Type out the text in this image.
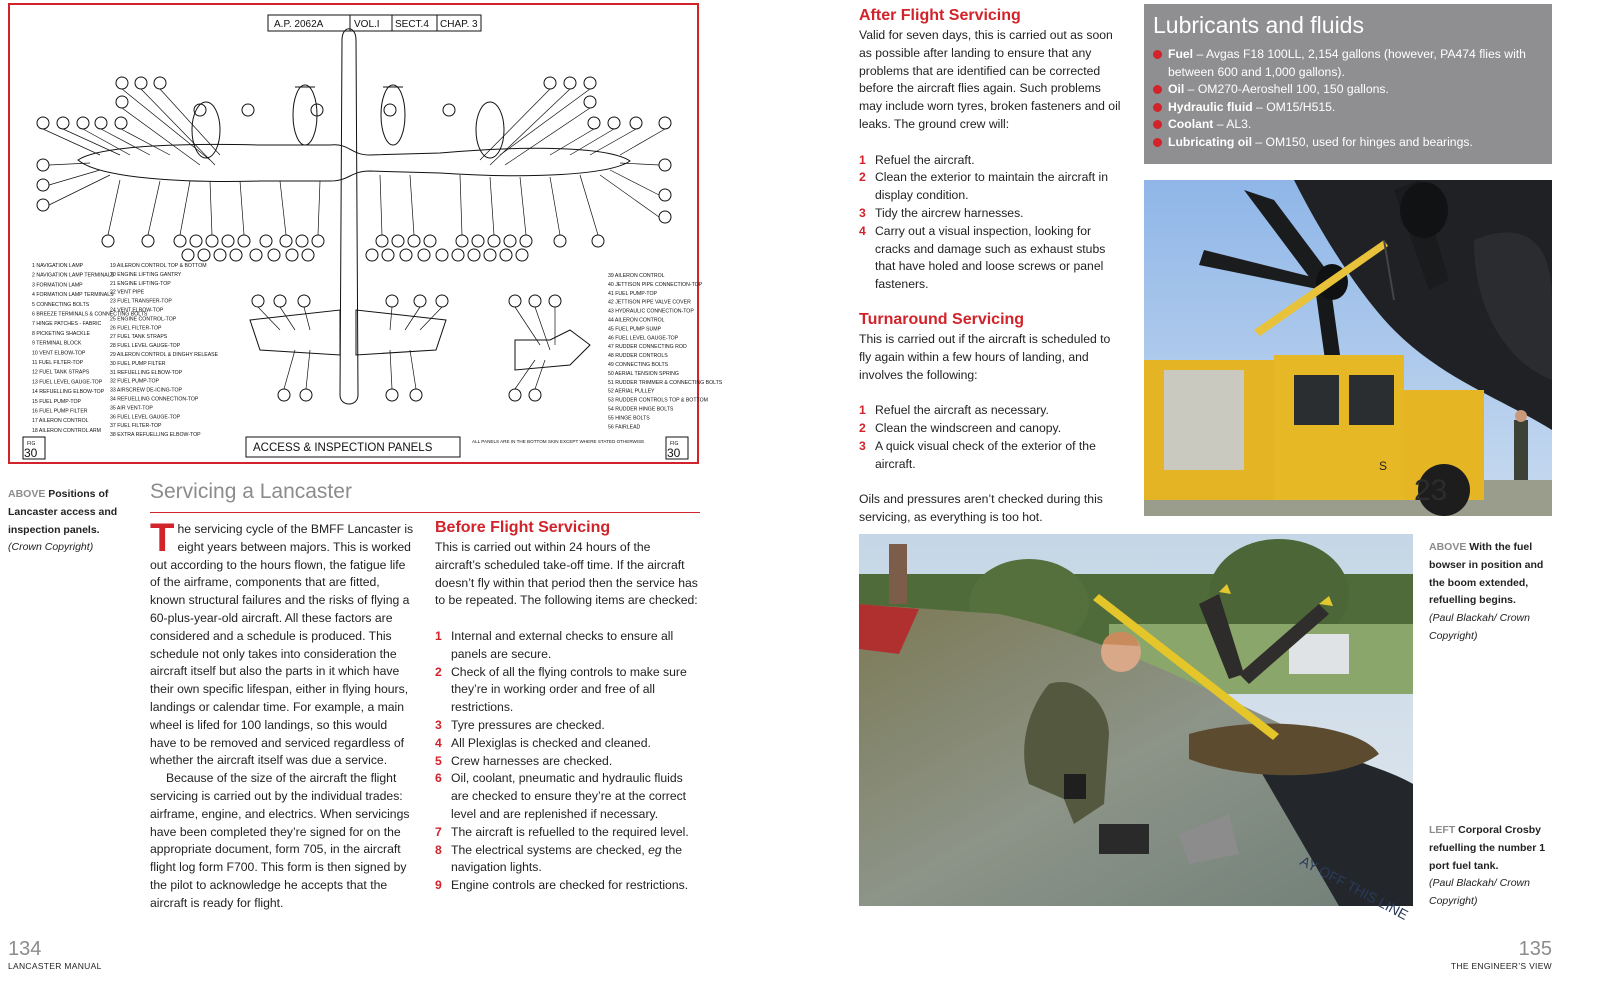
A.P. 2062A	VOL.I SECT.4 CHAP. 3
ACCESS & INSPECTION PANELS
FIG
30
FIG
30
ALL PANELS ARE IN THE BOTTOM SKIN EXCEPT WHERE STATED OTHERWISE
1 NAVIGATION LAMP
2 NAVIGATION LAMP TERMINALS
3 FORMATION LAMP
4 FORMATION LAMP TERMINALS
5 CONNECTING BOLTS
6 BREEZE TERMINALS & CONNECTING BOLTS
7 HINGE PATCHES - FABRIC
8 PICKETING SHACKLE
9 TERMINAL BLOCK
10 VENT ELBOW-TOP
11 FUEL FILTER-TOP
12 FUEL TANK STRAPS
13 FUEL LEVEL GAUGE-TOP
14 REFUELLING ELBOW-TOP
15 FUEL PUMP-TOP
16 FUEL PUMP FILTER
17 AILERON CONTROL
18 AILERON CONTROL ARM
19 AILERON CONTROL TOP & BOTTOM
20 ENGINE LIFTING GANTRY
21 ENGINE LIFTING-TOP
22 VENT PIPE
23 FUEL TRANSFER-TOP
24 VENT ELBOW-TOP
25 ENGINE CONTROL-TOP
26 FUEL FILTER-TOP
27 FUEL TANK STRAPS
28 FUEL LEVEL GAUGE-TOP
29 AILERON CONTROL & DINGHY RELEASE
30 FUEL PUMP FILTER
31 REFUELLING ELBOW-TOP
32 FUEL PUMP-TOP
33 AIRSCREW DE-ICING-TOP
34 REFUELLING CONNECTION-TOP
35 AIR VENT-TOP
36 FUEL LEVEL GAUGE-TOP
37 FUEL FILTER-TOP
38 EXTRA REFUELLING ELBOW-TOP
39 AILERON CONTROL
40 JETTISON PIPE CONNECTION-TOP
41 FUEL PUMP-TOP
42 JETTISON PIPE VALVE COVER
43 HYDRAULIC CONNECTION-TOP
44 AILERON CONTROL
45 FUEL PUMP SUMP
46 FUEL LEVEL GAUGE-TOP
47 RUDDER CONNECTING ROD
48 RUDDER CONTROLS
49 CONNECTING BOLTS
50 AERIAL TENSION SPRING
51 RUDDER TRIMMER & CONNECTING BOLTS
52 AERIAL PULLEY
53 RUDDER CONTROLS TOP & BOTTOM
54 RUDDER HINGE BOLTS
55 HINGE BOLTS
56 FAIRLEAD
ABOVE Positions of Lancaster access and inspection panels.
(Crown Copyright)
Servicing a Lancaster

The servicing cycle of the BMFF Lancaster is eight years between majors. This is worked out according to the hours flown, the fatigue life of the airframe, components that are fitted, known structural failures and the risks of flying a 60-plus-year-old aircraft. All these factors are considered and a schedule is produced. This schedule not only takes into consideration the aircraft itself but also the parts in it which have their own specific lifespan, either in flying hours, landings or calendar time. For example, a main wheel is lifed for 100 landings, so this would have to be removed and serviced regardless of whether the aircraft itself was due a service.

Because of the size of the aircraft the flight servicing is carried out by the individual trades: airframe, engine, and electrics. When servicings have been completed they’re signed for on the appropriate document, form 705, in the aircraft flight log form F700. This form is then signed by the pilot to acknowledge he accepts that the aircraft is ready for flight.

Before Flight Servicing

This is carried out within 24 hours of the aircraft’s scheduled take-off time. If the aircraft doesn’t fly within that period then the service has to be repeated. The following items are checked:

1 Internal and external checks to ensure all panels are secure.
2 Check of all the flying controls to make sure they’re in working order and free of all restrictions.
3 Tyre pressures are checked.
4 All Plexiglas is checked and cleaned.
5 Crew harnesses are checked.
6 Oil, coolant, pneumatic and hydraulic fluids are checked to ensure they’re at the correct level and are replenished if necessary.
7 The aircraft is refuelled to the required level.
8 The electrical systems are checked, eg the navigation lights.
9 Engine controls are checked for restrictions.
After Flight Servicing

Valid for seven days, this is carried out as soon as possible after landing to ensure that any problems that are identified can be corrected before the aircraft flies again. Such problems may include worn tyres, broken fasteners and oil leaks. The ground crew will:

1 Refuel the aircraft.
2 Clean the exterior to maintain the aircraft in display condition.
3 Tidy the aircrew harnesses.
4 Carry out a visual inspection, looking for cracks and damage such as exhaust stubs that have holed and loose screws or panel fasteners.
Turnaround Servicing

This is carried out if the aircraft is scheduled to fly again within a few hours of landing, and involves the following:

1 Refuel the aircraft as necessary.
2 Clean the windscreen and canopy.
3 A quick visual check of the exterior of the aircraft.

Oils and pressures aren’t checked during this servicing, as everything is too hot.

Lubricants and fluids
Fuel – Avgas F18 100LL, 2,154 gallons (however, PA474 flies with between 600 and 1,000 gallons).
Oil – OM270-Aeroshell 100, 150 gallons.
Hydraulic fluid – OM15/H515.
Coolant – AL3.
Lubricating oil – OM150, used for hinges and bearings.
23
S
ABOVE With the fuel bowser in position and the boom extended, refuelling begins.
(Paul Blackah/ Crown Copyright)
AY OFF THIS LINE
LEFT Corporal Crosby refuelling the number 1 port fuel tank.
(Paul Blackah/ Crown Copyright)
134
LANCASTER MANUAL
135
THE ENGINEER’S VIEW
